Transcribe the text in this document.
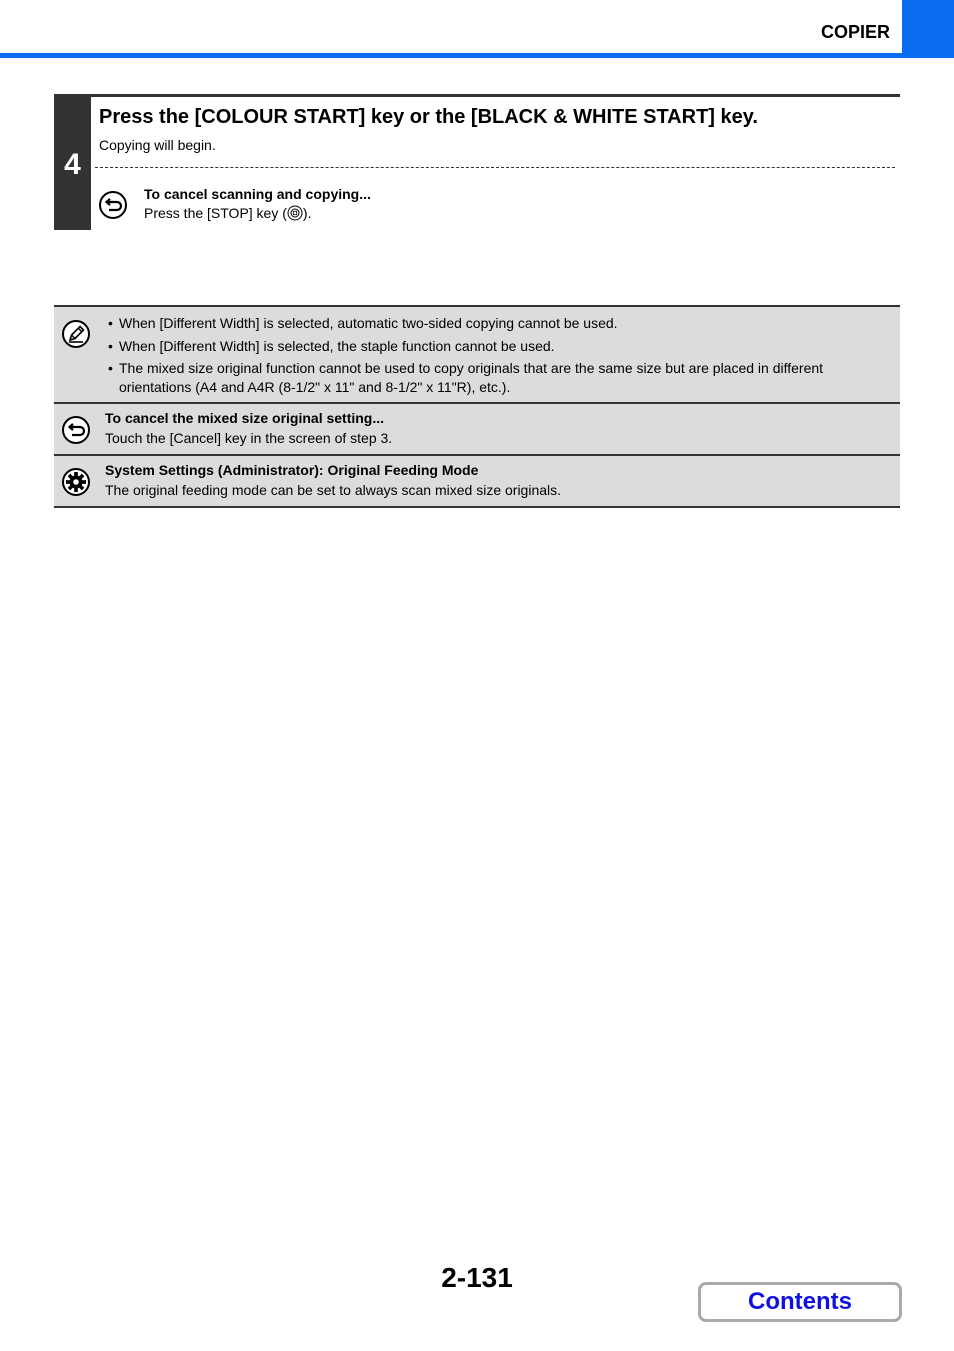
COPIER
4
Press the [COLOUR START] key or the [BLACK & WHITE START] key.
Copying will begin.
To cancel scanning and copying...
Press the [STOP] key ( ).
• When [Different Width] is selected, automatic two-sided copying cannot be used.
• When [Different Width] is selected, the staple function cannot be used.
• The mixed size original function cannot be used to copy originals that are the same size but are placed in different orientations (A4 and A4R (8-1/2" x 11" and 8-1/2" x 11"R), etc.).
To cancel the mixed size original setting...
Touch the [Cancel] key in the screen of step 3.
System Settings (Administrator): Original Feeding Mode
The original feeding mode can be set to always scan mixed size originals.
2-131
Contents
